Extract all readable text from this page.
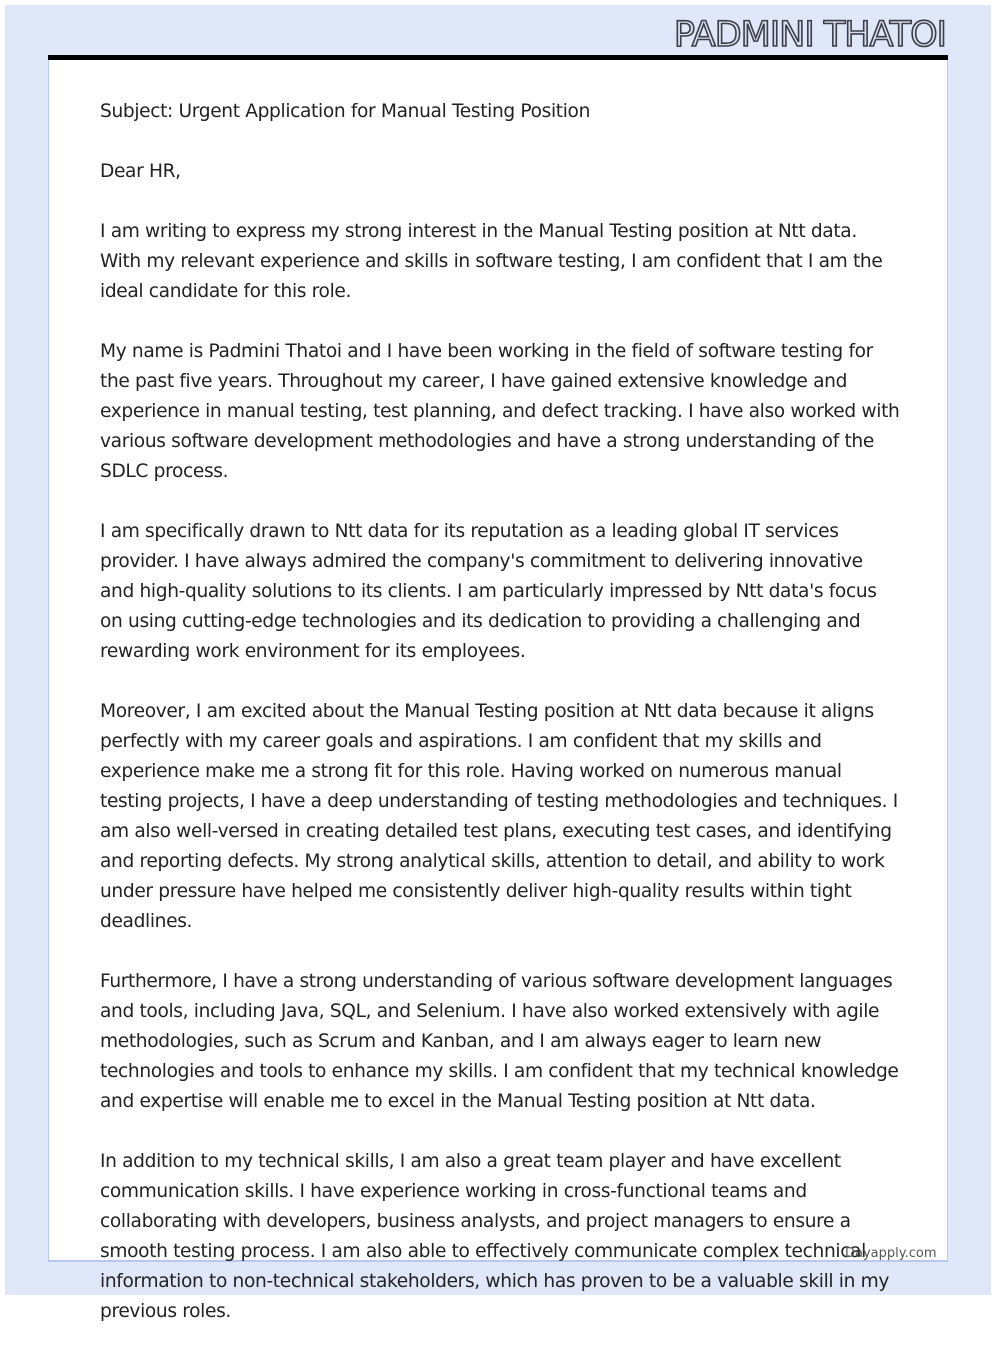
PADMINI THATOI

Subject: Urgent Application for Manual Testing Position

Dear HR,

I am writing to express my strong interest in the Manual Testing position at Ntt data. With my relevant experience and skills in software testing, I am confident that I am the ideal candidate for this role.

My name is Padmini Thatoi and I have been working in the field of software testing for the past five years. Throughout my career, I have gained extensive knowledge and experience in manual testing, test planning, and defect tracking. I have also worked with various software development methodologies and have a strong understanding of the SDLC process.

I am specifically drawn to Ntt data for its reputation as a leading global IT services provider. I have always admired the company's commitment to delivering innovative and high-quality solutions to its clients. I am particularly impressed by Ntt data's focus on using cutting-edge technologies and its dedication to providing a challenging and rewarding work environment for its employees.

Moreover, I am excited about the Manual Testing position at Ntt data because it aligns perfectly with my career goals and aspirations. I am confident that my skills and experience make me a strong fit for this role. Having worked on numerous manual testing projects, I have a deep understanding of testing methodologies and techniques. I am also well-versed in creating detailed test plans, executing test cases, and identifying and reporting defects. My strong analytical skills, attention to detail, and ability to work under pressure have helped me consistently deliver high-quality results within tight deadlines.

Furthermore, I have a strong understanding of various software development languages and tools, including Java, SQL, and Selenium. I have also worked extensively with agile methodologies, such as Scrum and Kanban, and I am always eager to learn new technologies and tools to enhance my skills. I am confident that my technical knowledge and expertise will enable me to excel in the Manual Testing position at Ntt data.

In addition to my technical skills, I am also a great team player and have excellent communication skills. I have experience working in cross-functional teams and collaborating with developers, business analysts, and project managers to ensure a smooth testing process. I am also able to effectively communicate complex technical information to non-technical stakeholders, which has proven to be a valuable skill in my previous roles.

Dayapply.com
